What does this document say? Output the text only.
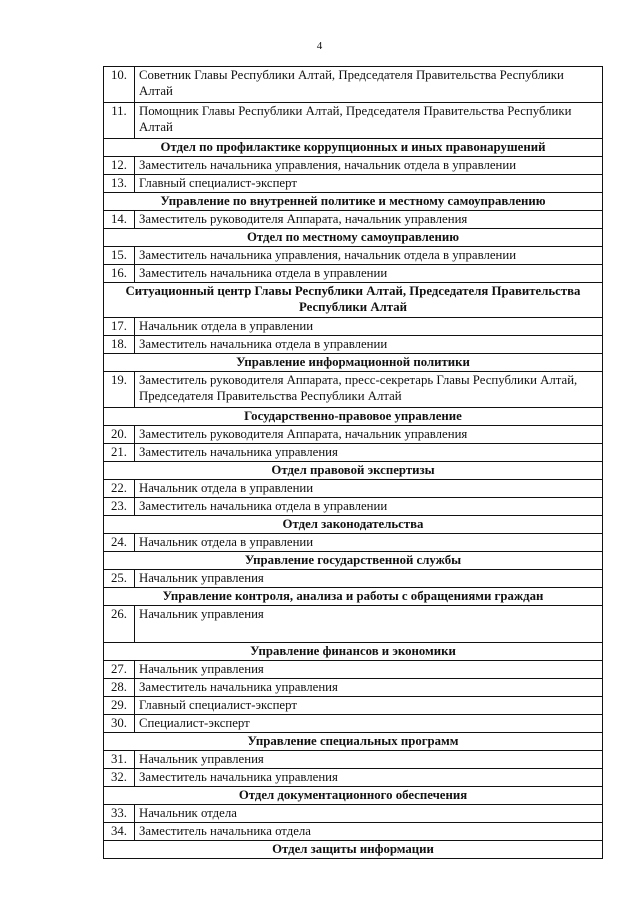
4
10.	Советник Главы Республики Алтай, Председателя Правительства Республики Алтай
11.	Помощник Главы Республики Алтай, Председателя Правительства Республики Алтай
Отдел по профилактике коррупционных и иных правонарушений	
12.	Заместитель начальника управления, начальник отдела в управлении
13.	Главный специалист-эксперт
Управление по внутренней политике и местному самоуправлению	
14.	Заместитель руководителя Аппарата, начальник управления
Отдел по местному самоуправлению	
15.	Заместитель начальника управления, начальник отдела в управлении
16.	Заместитель начальника отдела в управлении
Ситуационный центр Главы Республики Алтай, Председателя Правительства Республики Алтай	
17.	Начальник отдела в управлении
18.	Заместитель начальника отдела в управлении
Управление информационной политики	
19.	Заместитель руководителя Аппарата, пресс-секретарь Главы Республики Алтай, Председателя Правительства Республики Алтай
Государственно-правовое управление	
20.	Заместитель руководителя Аппарата, начальник управления
21.	Заместитель начальника управления
Отдел правовой экспертизы	
22.	Начальник отдела в управлении
23.	Заместитель начальника отдела в управлении
Отдел законодательства	
24.	Начальник отдела в управлении
Управление государственной службы	
25.	Начальник управления
Управление контроля, анализа и работы с обращениями граждан	
26.	Начальник управления
Управление финансов и экономики	
27.	Начальник управления
28.	Заместитель начальника управления
29.	Главный специалист-эксперт
30.	Специалист-эксперт
Управление специальных программ	
31.	Начальник управления
32.	Заместитель начальника управления
Отдел документационного обеспечения	
33.	Начальник отдела
34.	Заместитель начальника отдела
Отдел защиты информации	
